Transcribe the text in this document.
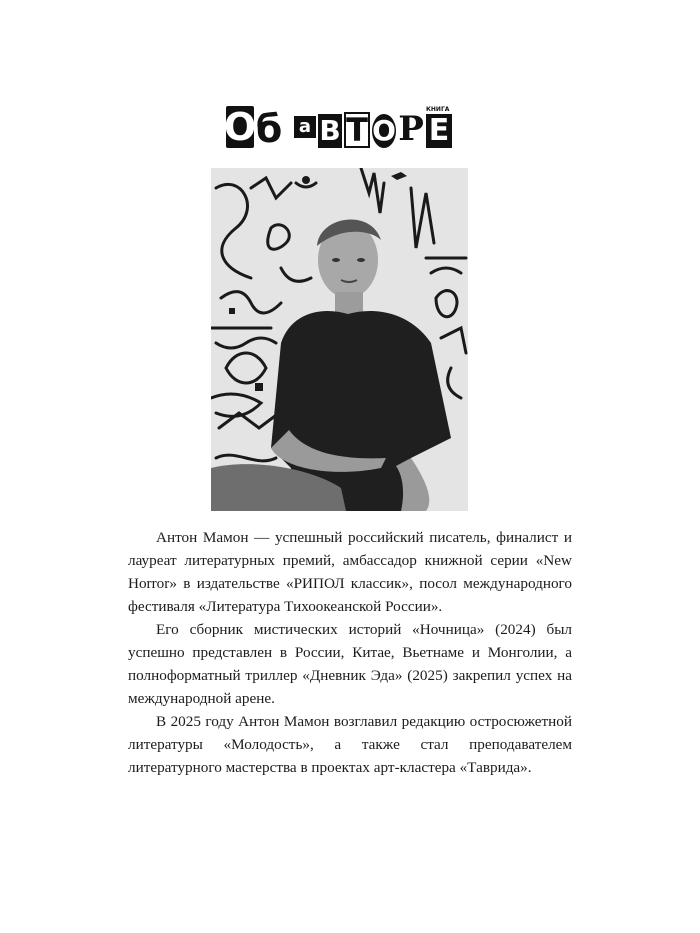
О б а В Т О Р КНИГА
Е

Антон Мамон — успешный российский писатель, финалист и лауреат литературных премий, амбассадор книжной серии «New Horror» в издательстве «РИПОЛ классик», посол международного фестиваля «Литература Тихоокеанской России».

Его сборник мистических историй «Ночница» (2024) был успешно представлен в России, Китае, Вьетнаме и Монголии, а полноформатный триллер «Дневник Эда» (2025) закрепил успех на международной арене.

В 2025 году Антон Мамон возглавил редакцию остросюжетной литературы «Молодость», а также стал преподавателем литературного мастерства в проектах арт-кластера «Таврида».
